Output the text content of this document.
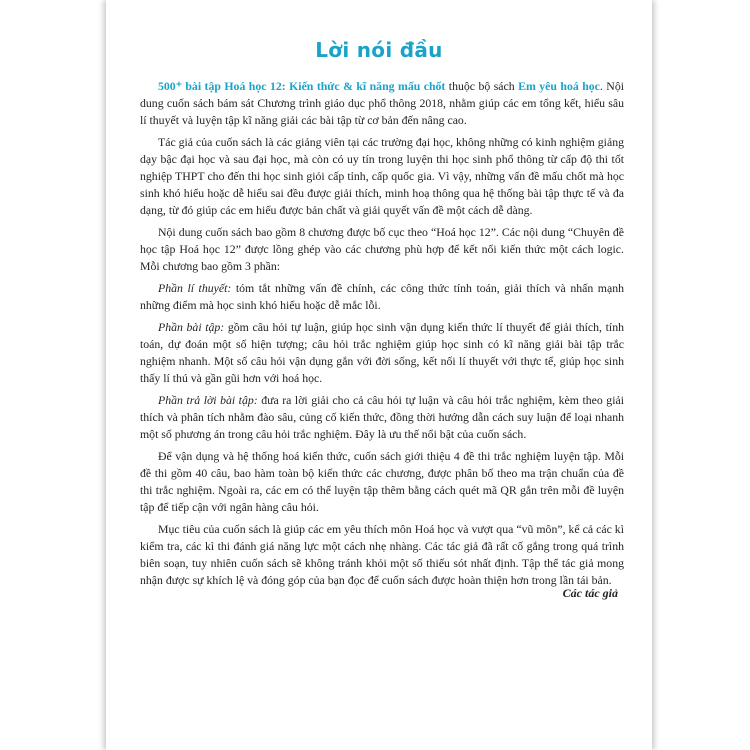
Lời nói đầu

500⁺ bài tập Hoá học 12: Kiến thức & kĩ năng mấu chốt thuộc bộ sách Em yêu hoá học. Nội dung cuốn sách bám sát Chương trình giáo dục phổ thông 2018, nhằm giúp các em tổng kết, hiểu sâu lí thuyết và luyện tập kĩ năng giải các bài tập từ cơ bản đến nâng cao.

Tác giả của cuốn sách là các giảng viên tại các trường đại học, không những có kinh nghiệm giảng dạy bậc đại học và sau đại học, mà còn có uy tín trong luyện thi học sinh phổ thông từ cấp độ thi tốt nghiệp THPT cho đến thi học sinh giỏi cấp tỉnh, cấp quốc gia. Vì vậy, những vấn đề mấu chốt mà học sinh khó hiểu hoặc dễ hiểu sai đều được giải thích, minh hoạ thông qua hệ thống bài tập thực tế và đa dạng, từ đó giúp các em hiểu được bản chất và giải quyết vấn đề một cách dễ dàng.

Nội dung cuốn sách bao gồm 8 chương được bố cục theo “Hoá học 12”. Các nội dung “Chuyên đề học tập Hoá học 12” được lồng ghép vào các chương phù hợp để kết nối kiến thức một cách logic. Mỗi chương bao gồm 3 phần:

Phần lí thuyết: tóm tắt những vấn đề chính, các công thức tính toán, giải thích và nhấn mạnh những điểm mà học sinh khó hiểu hoặc dễ mắc lỗi.

Phần bài tập: gồm câu hỏi tự luận, giúp học sinh vận dụng kiến thức lí thuyết để giải thích, tính toán, dự đoán một số hiện tượng; câu hỏi trắc nghiệm giúp học sinh có kĩ năng giải bài tập trắc nghiệm nhanh. Một số câu hỏi vận dụng gắn với đời sống, kết nối lí thuyết với thực tế, giúp học sinh thấy lí thú và gần gũi hơn với hoá học.

Phần trả lời bài tập: đưa ra lời giải cho cả câu hỏi tự luận và câu hỏi trắc nghiệm, kèm theo giải thích và phân tích nhằm đào sâu, củng cố kiến thức, đồng thời hướng dẫn cách suy luận để loại nhanh một số phương án trong câu hỏi trắc nghiệm. Đây là ưu thế nổi bật của cuốn sách.

Để vận dụng và hệ thống hoá kiến thức, cuốn sách giới thiệu 4 đề thi trắc nghiệm luyện tập. Mỗi đề thi gồm 40 câu, bao hàm toàn bộ kiến thức các chương, được phân bố theo ma trận chuẩn của đề thi trắc nghiệm. Ngoài ra, các em có thể luyện tập thêm bằng cách quét mã QR gắn trên mỗi đề luyện tập để tiếp cận với ngân hàng câu hỏi.

Mục tiêu của cuốn sách là giúp các em yêu thích môn Hoá học và vượt qua “vũ môn”, kể cả các kì kiểm tra, các kì thi đánh giá năng lực một cách nhẹ nhàng. Các tác giả đã rất cố gắng trong quá trình biên soạn, tuy nhiên cuốn sách sẽ không tránh khỏi một số thiếu sót nhất định. Tập thể tác giả mong nhận được sự khích lệ và đóng góp của bạn đọc để cuốn sách được hoàn thiện hơn trong lần tái bản.

Các tác giả
